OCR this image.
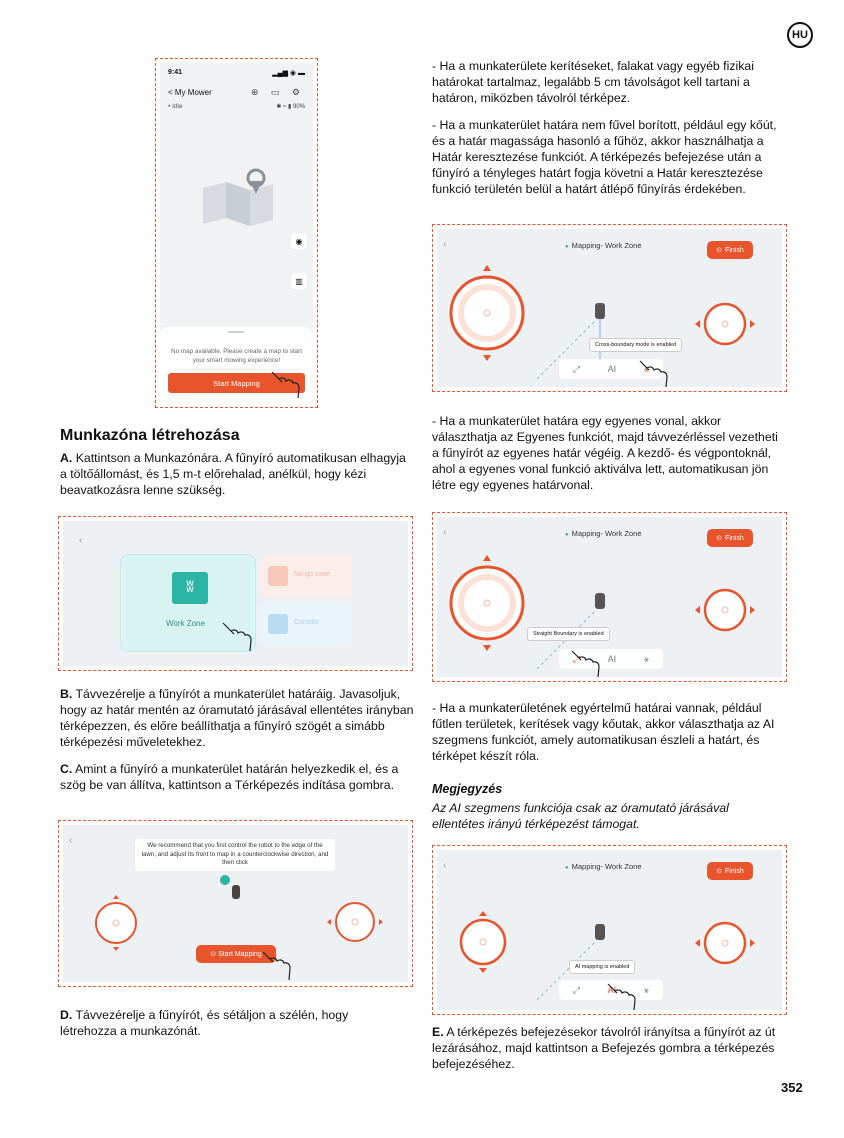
HU
352
9:41	▂▄▆ ◉ ▬
< My Mower
• Idle
⊕ ▭ ⚙
✱ ≈ ▮ 90%
◉
▥
No map available. Please create a map to start your smart mowing experience!
Start Mapping
Munkazóna létrehozása
A. Kattintson a Munkazónára. A fűnyíró automatikusan elhagyja a töltőállomást, és 1,5 m-t előrehalad, anélkül, hogy kézi beavatkozásra lenne szükség.
‹
ʬ
Work Zone
No-go zone
Corridor
B. Távvezérelje a fűnyírót a munkaterület határáig. Javasoljuk, hogy az határ mentén az óramutató járásával ellentétes irányban térképezzen, és előre beállíthatja a fűnyíró szögét a simább térképezési műveletekhez.
C. Amint a fűnyíró a munkaterület határán helyezkedik el, és a szög be van állítva, kattintson a Térképezés indítása gombra.
‹	We recommend that you first control the robot to the edge of the lawn, and adjust its front to map in a counterclockwise direction, and then click
⊙ Start Mapping
D. Távvezérelje a fűnyírót, és sétáljon a szélén, hogy létrehozza a munkazónát.
- Ha a munkaterülete kerítéseket, falakat vagy egyéb fizikai határokat tartalmaz, legalább 5 cm távolságot kell tartani a határon, miközben távolról térképez.
- Ha a munkaterület határa nem fűvel borított, például egy kőút, és a határ magassága hasonló a fűhöz, akkor használhatja a Határ keresztezése funkciót. A térképezés befejezése után a fűnyíró a tényleges határt fogja követni a Határ keresztezése funkció területén belül a határt átlépő fűnyírás érdekében.
‹	● Mapping- Work Zone
⊙ Finish
Cross-boundary mode is enabled
⤢	AI	⚹
- Ha a munkaterület határa egy egyenes vonal, akkor választhatja az Egyenes funkciót, majd távvezérléssel vezetheti a fűnyírót az egyenes határ végéig. A kezdő- és végpontoknál, ahol a egyenes vonal funkció aktiválva lett, automatikusan jön létre egy egyenes határvonal.
‹	● Mapping- Work Zone
⊙ Finish
Straight Boundary is enabled
⤢	AI	⚹
- Ha a munkaterületének egyértelmű határai vannak, például fűtlen területek, kerítések vagy kőutak, akkor választhatja az AI szegmens funkciót, amely automatikusan észleli a határt, és térképet készít róla.
Megjegyzés
Az AI szegmens funkciója csak az óramutató járásával ellentétes irányú térképezést támogat.
‹	● Mapping- Work Zone
⊙ Finish
AI mapping is enabled
⤢	AI	⚹
E. A térképezés befejezésekor távolról irányítsa a fűnyírót az út lezárásához, majd kattintson a Befejezés gombra a térképezés befejezéséhez.
